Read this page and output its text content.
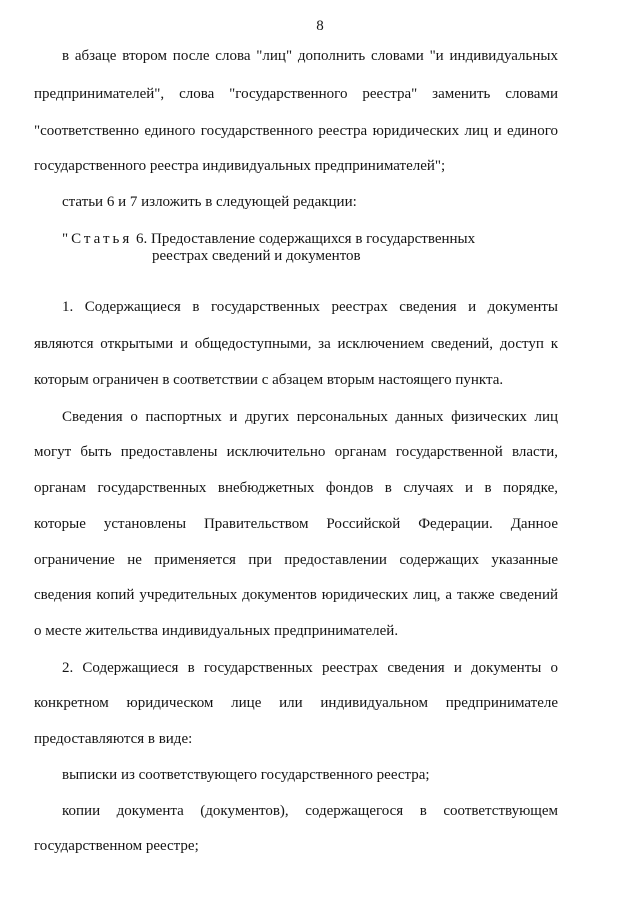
8
в абзаце втором после слова "лиц" дополнить словами "и индивидуальных
предпринимателей", слова "государственного реестра" заменить словами
"соответственно единого государственного реестра юридических лиц и единого
государственного реестра индивидуальных предпринимателей";
статьи 6 и 7 изложить в следующей редакции:
"Статья 6. Предоставление содержащихся в государственных
реестрах сведений и документов
1. Содержащиеся в государственных реестрах сведения и документы
являются открытыми и общедоступными, за исключением сведений, доступ к
которым ограничен в соответствии с абзацем вторым настоящего пункта.
Сведения о паспортных и других персональных данных физических лиц
могут быть предоставлены исключительно органам государственной власти,
органам государственных внебюджетных фондов в случаях и в порядке,
которые установлены Правительством Российской Федерации. Данное
ограничение не применяется при предоставлении содержащих указанные
сведения копий учредительных документов юридических лиц, а также сведений
о месте жительства индивидуальных предпринимателей.
2. Содержащиеся в государственных реестрах сведения и документы о
конкретном юридическом лице или индивидуальном предпринимателе
предоставляются в виде:
выписки из соответствующего государственного реестра;
копии документа (документов), содержащегося в соответствующем
государственном реестре;
